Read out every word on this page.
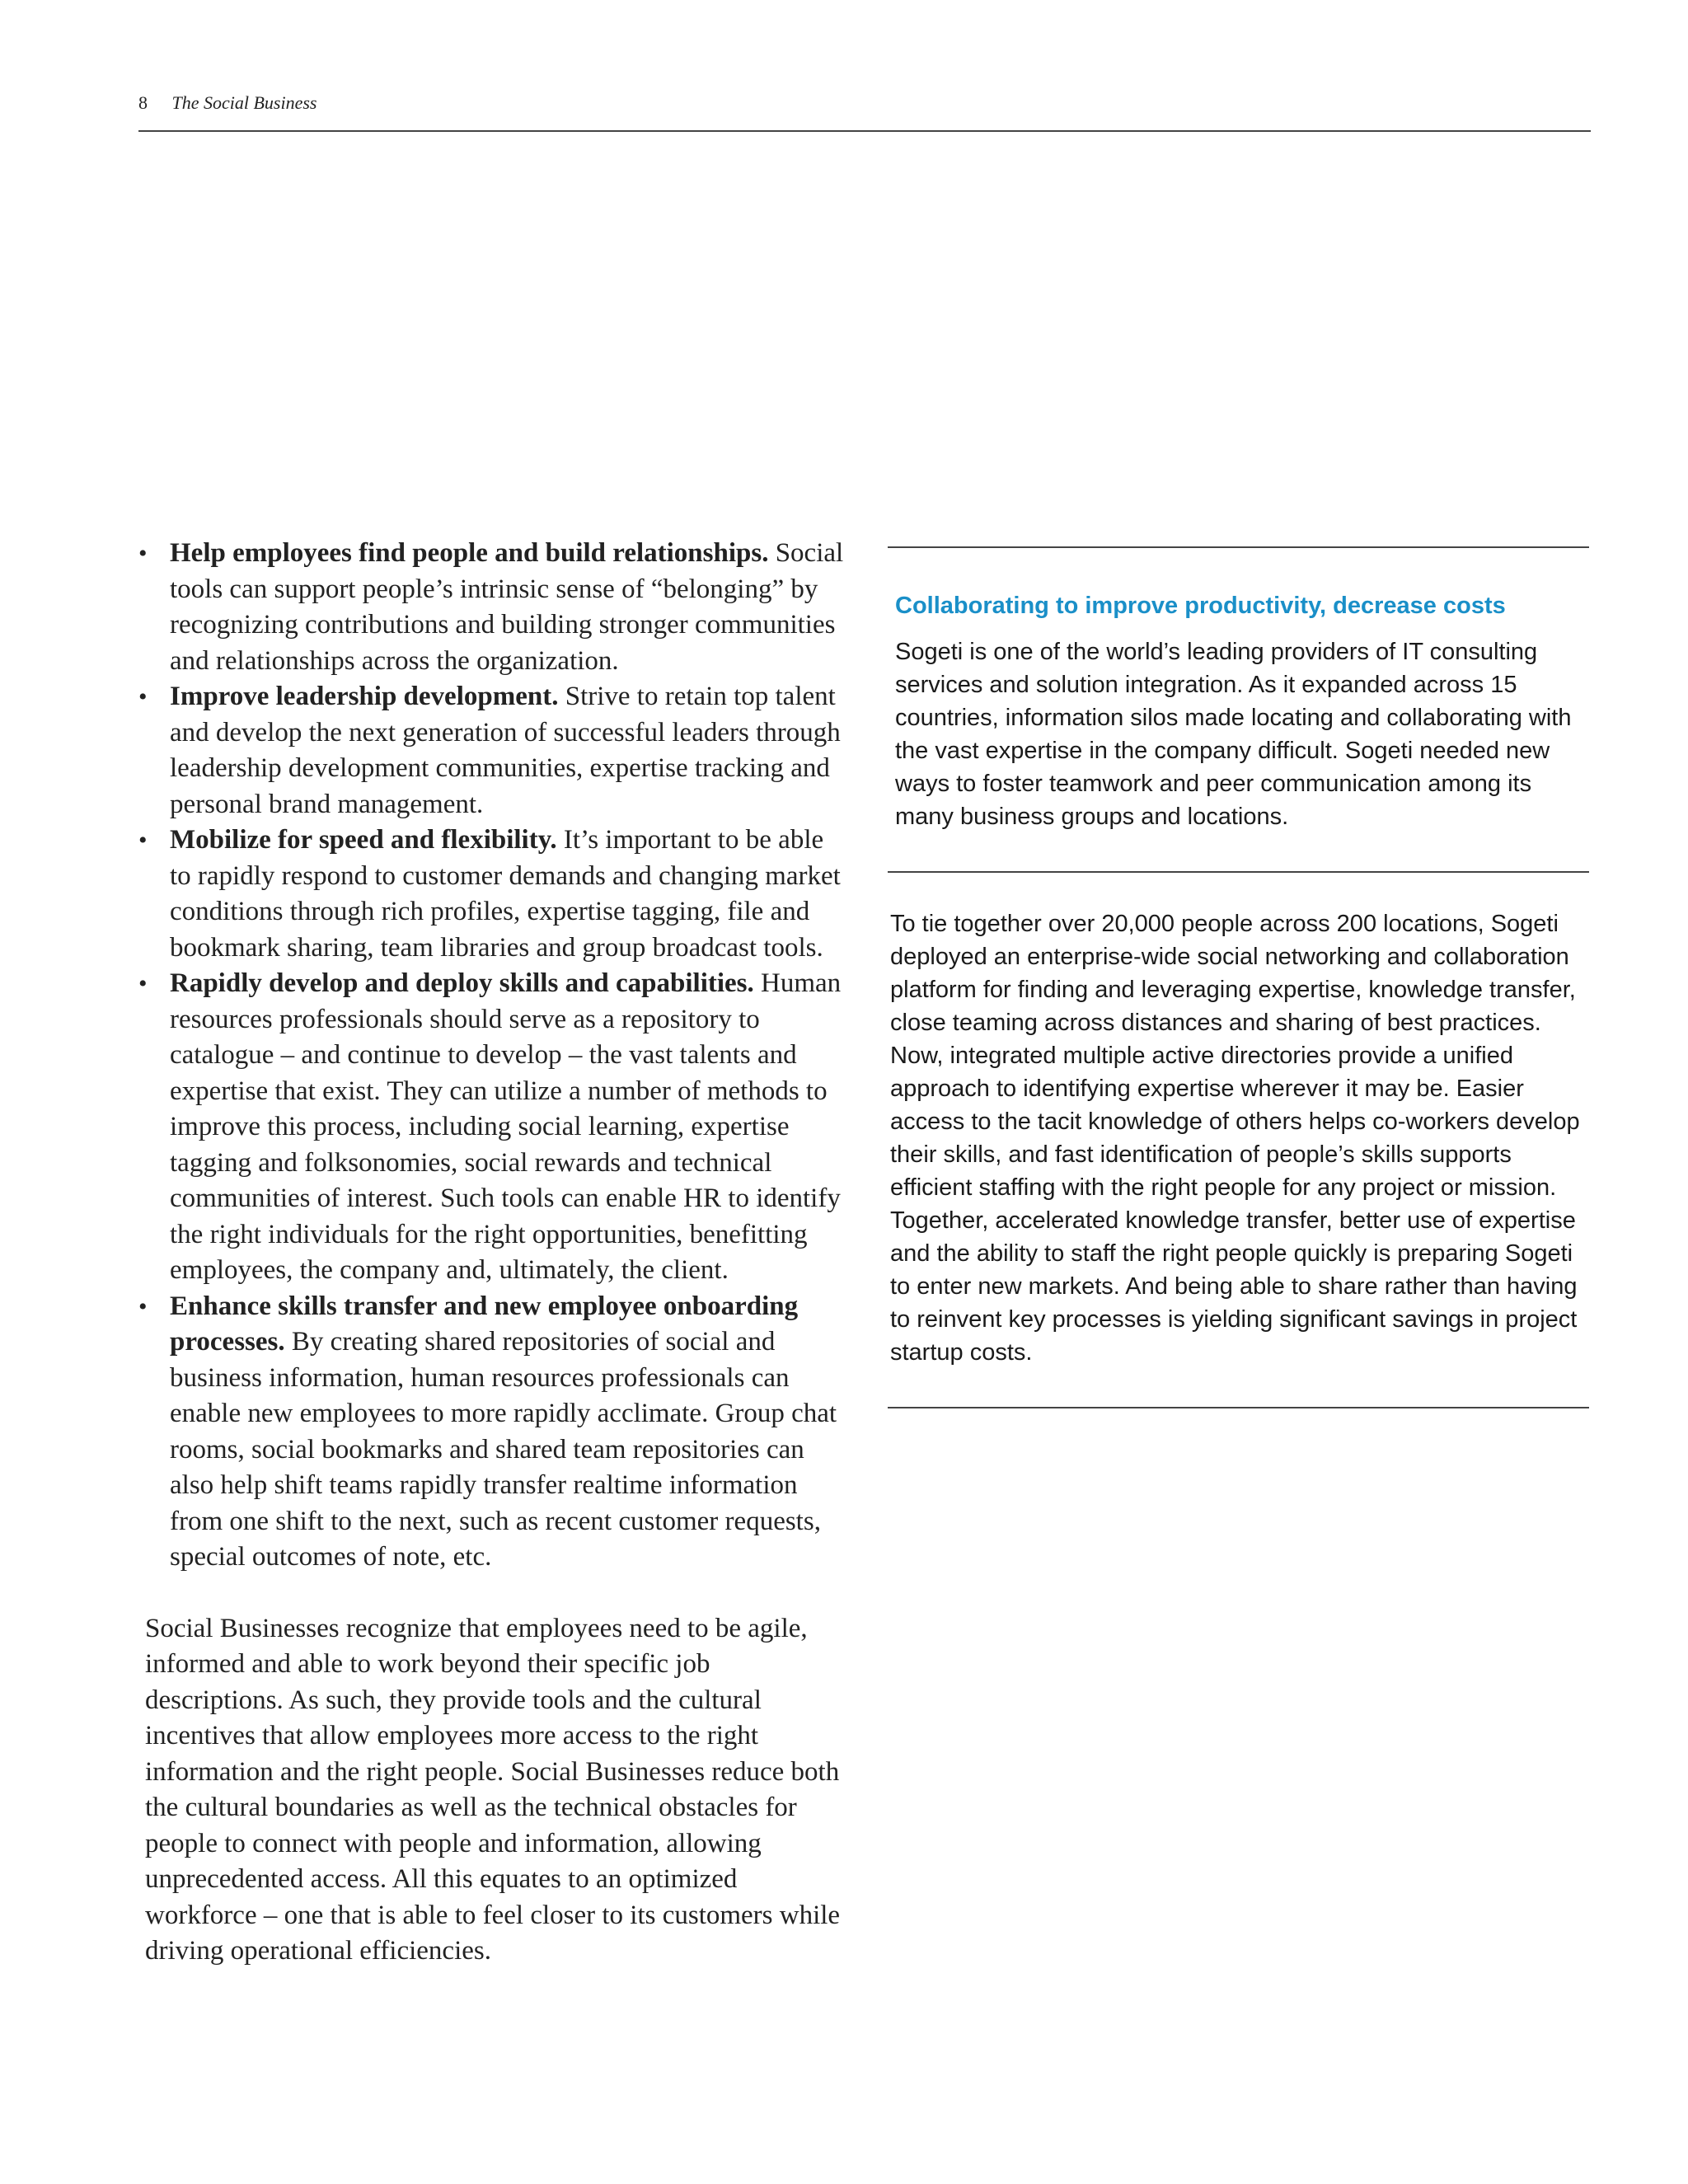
8 The Social Business
• Help employees find people and build relationships. Social tools can support people’s intrinsic sense of “belonging” by recognizing contributions and building stronger communities and relationships across the organization.
• Improve leadership development. Strive to retain top talent and develop the next generation of successful leaders through leadership development communities, expertise tracking and personal brand management.
• Mobilize for speed and flexibility. It’s important to be able to rapidly respond to customer demands and changing market conditions through rich profiles, expertise tagging, file and bookmark sharing, team libraries and group broadcast tools.
• Rapidly develop and deploy skills and capabilities. Human resources professionals should serve as a repository to catalogue – and continue to develop – the vast talents and expertise that exist. They can utilize a number of methods to improve this process, including social learning, expertise tagging and folksonomies, social rewards and technical communities of interest. Such tools can enable HR to identify the right individuals for the right opportunities, benefitting employees, the company and, ultimately, the client.
• Enhance skills transfer and new employee onboarding processes. By creating shared repositories of social and business information, human resources professionals can enable new employees to more rapidly acclimate. Group chat rooms, social bookmarks and shared team repositories can also help shift teams rapidly transfer realtime information from one shift to the next, such as recent customer requests, special outcomes of note, etc.

Social Businesses recognize that employees need to be agile, informed and able to work beyond their specific job descriptions. As such, they provide tools and the cultural incentives that allow employees more access to the right information and the right people. Social Businesses reduce both the cultural boundaries as well as the technical obstacles for people to connect with people and information, allowing unprecedented access. All this equates to an optimized workforce – one that is able to feel closer to its customers while driving operational efficiencies.

Collaborating to improve productivity, decrease costs

Sogeti is one of the world’s leading providers of IT consulting services and solution integration. As it expanded across 15 countries, information silos made locating and collaborating with the vast expertise in the company difficult. Sogeti needed new ways to foster teamwork and peer communication among its many business groups and locations.

To tie together over 20,000 people across 200 locations, Sogeti deployed an enterprise-wide social networking and collaboration platform for finding and leveraging expertise, knowledge transfer, close teaming across distances and sharing of best practices. Now, integrated multiple active directories provide a unified approach to identifying expertise wherever it may be. Easier access to the tacit knowledge of others helps co-workers develop their skills, and fast identification of people’s skills supports efficient staffing with the right people for any project or mission. Together, accelerated knowledge transfer, better use of expertise and the ability to staff the right people quickly is preparing Sogeti to enter new markets. And being able to share rather than having to reinvent key processes is yielding significant savings in project startup costs.
